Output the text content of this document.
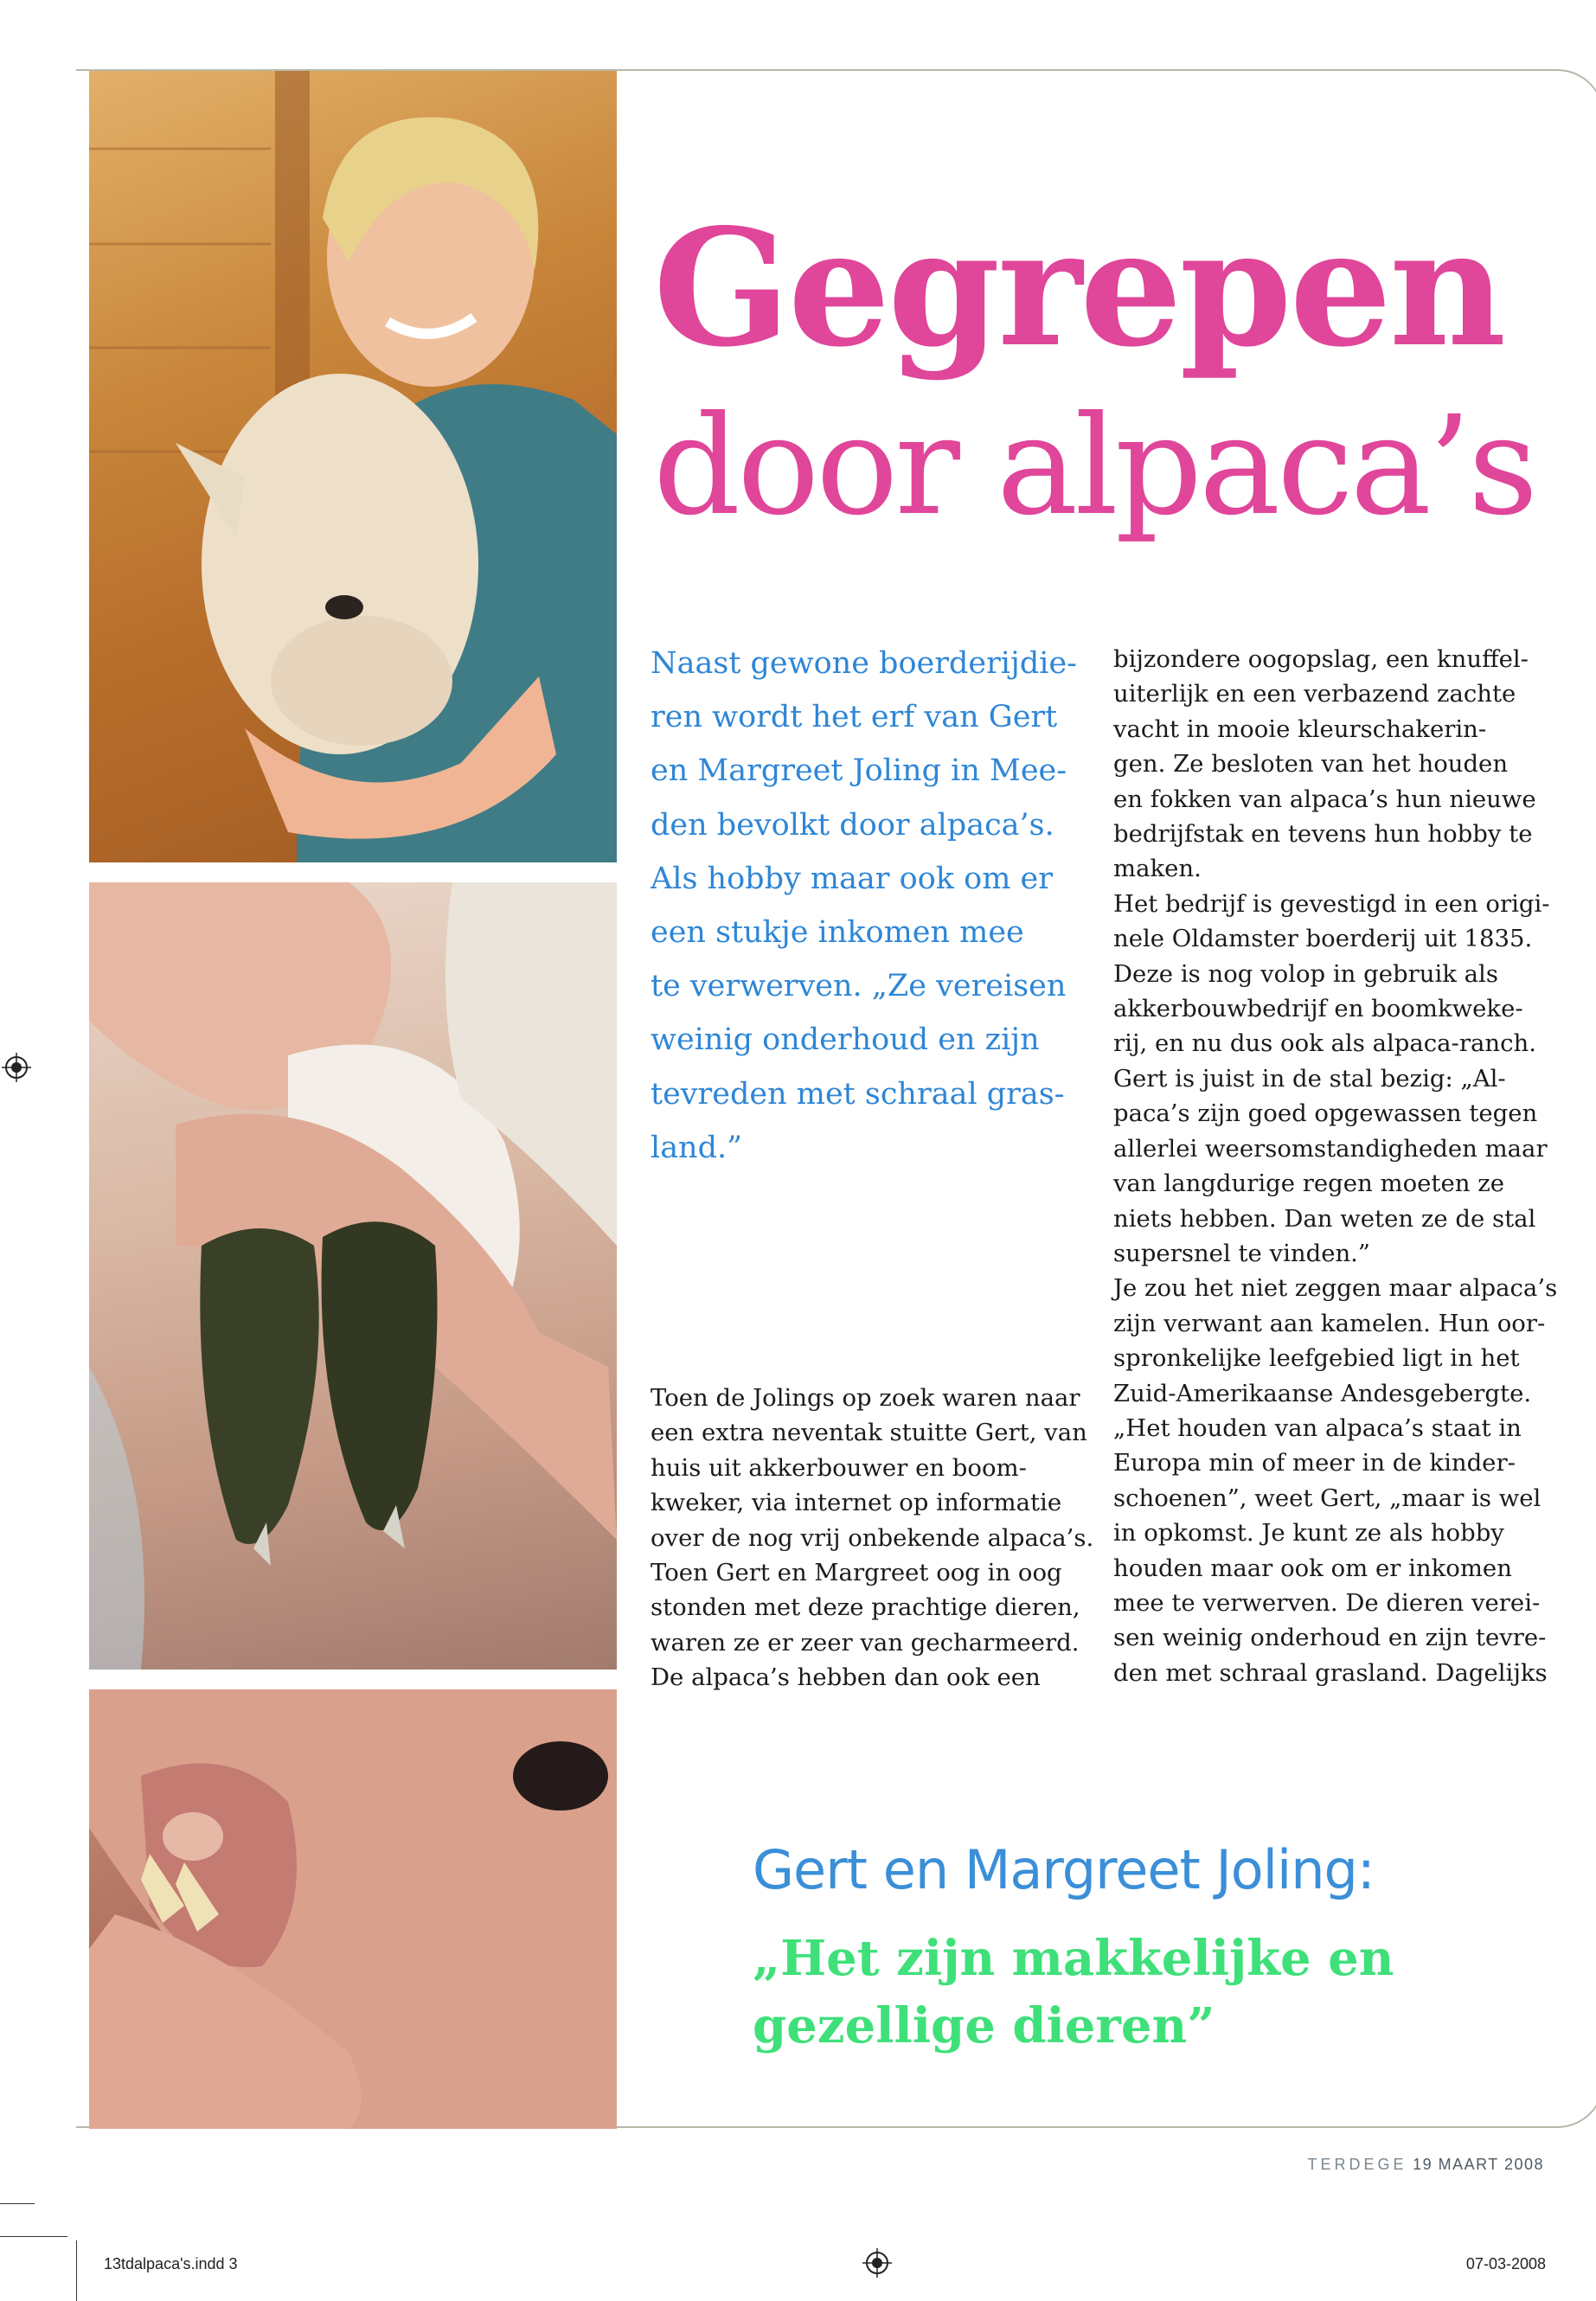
Gegrepen
door alpaca’s
Naast gewone boerderijdie-
ren wordt het erf van Gert
en Margreet Joling in Mee-
den bevolkt door alpaca’s.
Als hobby maar ook om er
een stukje inkomen mee
te verwerven. „Ze vereisen
weinig onderhoud en zijn
tevreden met schraal gras-
land.”
Toen de Jolings op zoek waren naar
een extra neventak stuitte Gert, van
huis uit akkerbouwer en boom-
kweker, via internet op informatie
over de nog vrij onbekende alpaca’s.
Toen Gert en Margreet oog in oog
stonden met deze prachtige dieren,
waren ze er zeer van gecharmeerd.
De alpaca’s hebben dan ook een
bijzondere oogopslag, een knuffel-
uiterlijk en een verbazend zachte
vacht in mooie kleurschakerin-
gen. Ze besloten van het houden
en fokken van alpaca’s hun nieuwe
bedrijfstak en tevens hun hobby te
maken.
Het bedrijf is gevestigd in een origi-
nele Oldamster boerderij uit 1835.
Deze is nog volop in gebruik als
akkerbouwbedrijf en boomkweke-
rij, en nu dus ook als alpaca-ranch.
Gert is juist in de stal bezig: „Al-
paca’s zijn goed opgewassen tegen
allerlei weersomstandigheden maar
van langdurige regen moeten ze
niets hebben. Dan weten ze de stal
supersnel te vinden.”
Je zou het niet zeggen maar alpaca’s
zijn verwant aan kamelen. Hun oor-
spronkelijke leefgebied ligt in het
Zuid-Amerikaanse Andesgebergte.
„Het houden van alpaca’s staat in
Europa min of meer in de kinder-
schoenen”, weet Gert, „maar is wel
in opkomst. Je kunt ze als hobby
houden maar ook om er inkomen
mee te verwerven. De dieren verei-
sen weinig onderhoud en zijn tevre-
den met schraal grasland. Dagelijks
Gert en Margreet Joling:
„Het zijn makkelijke en
gezellige dieren”
TERDEGE 19 MAART 2008
13tdalpaca's.indd 3	07-03-2008
